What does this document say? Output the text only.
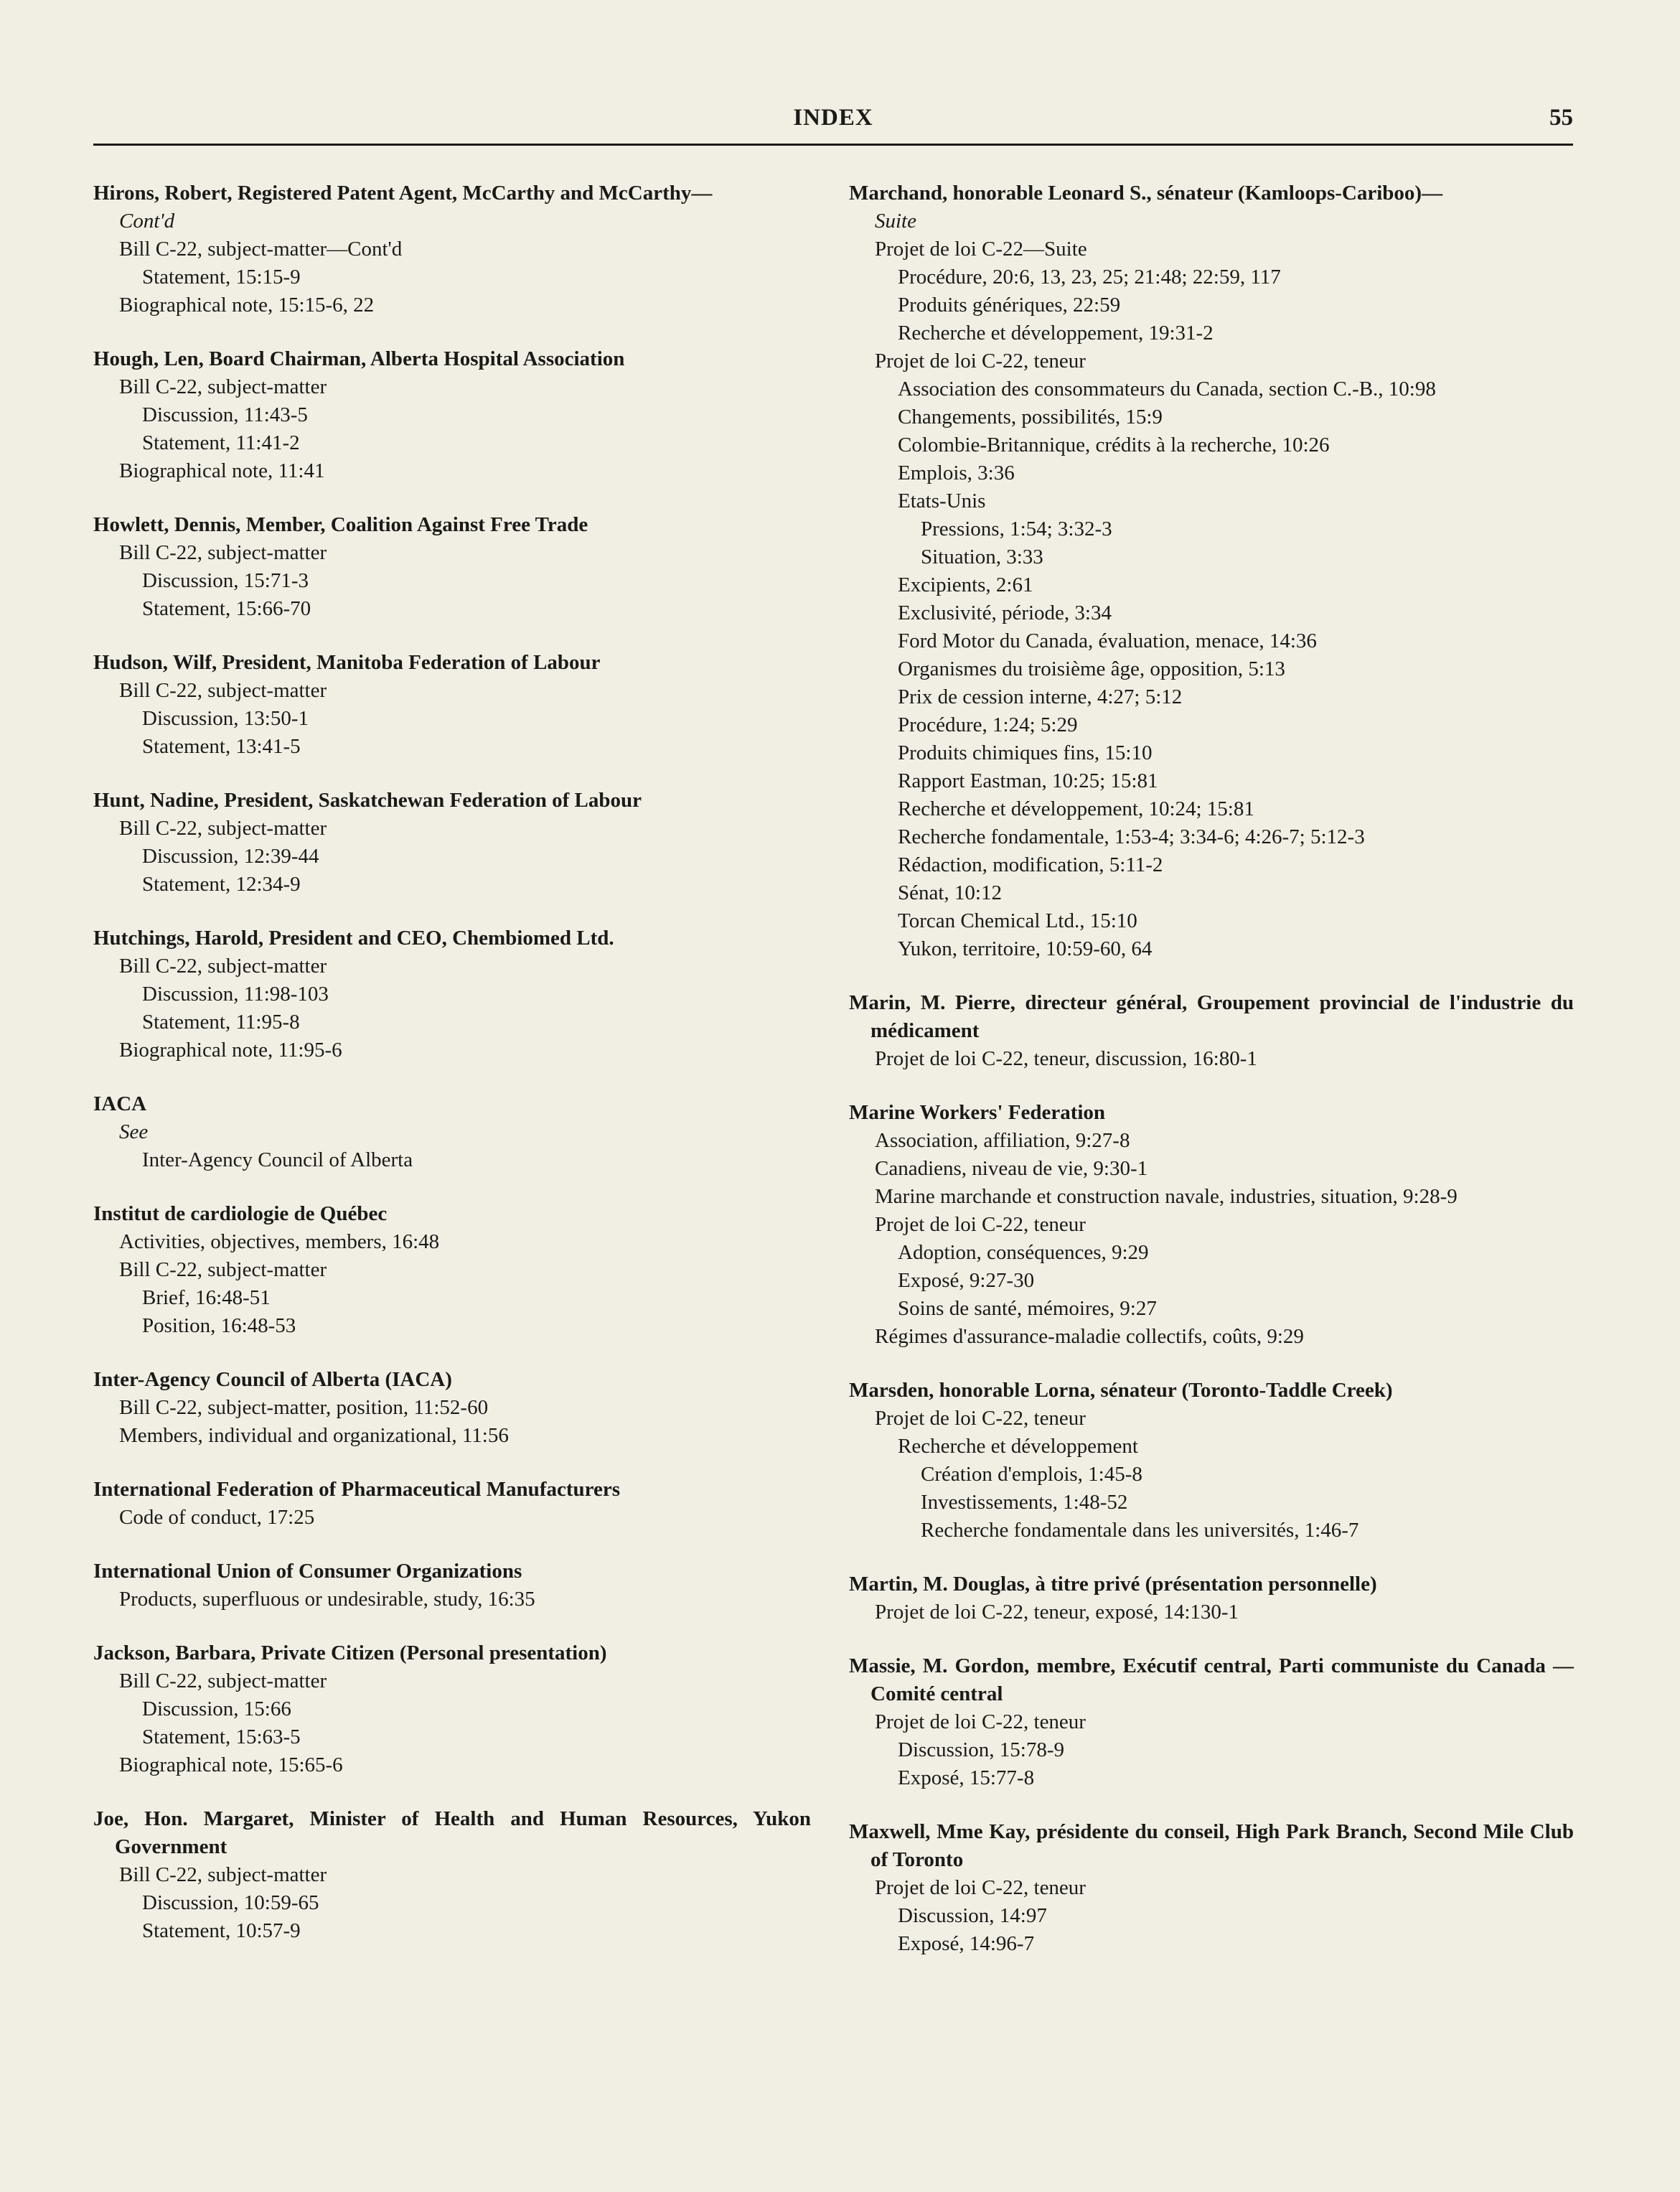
INDEX	55
Hirons, Robert, Registered Patent Agent, McCarthy and McCarthy—
Cont'd
Bill C-22, subject-matter—Cont'd
Statement, 15:15-9
Biographical note, 15:15-6, 22
Hough, Len, Board Chairman, Alberta Hospital Association
Bill C-22, subject-matter
Discussion, 11:43-5
Statement, 11:41-2
Biographical note, 11:41
Howlett, Dennis, Member, Coalition Against Free Trade
Bill C-22, subject-matter
Discussion, 15:71-3
Statement, 15:66-70
Hudson, Wilf, President, Manitoba Federation of Labour
Bill C-22, subject-matter
Discussion, 13:50-1
Statement, 13:41-5
Hunt, Nadine, President, Saskatchewan Federation of Labour
Bill C-22, subject-matter
Discussion, 12:39-44
Statement, 12:34-9
Hutchings, Harold, President and CEO, Chembiomed Ltd.
Bill C-22, subject-matter
Discussion, 11:98-103
Statement, 11:95-8
Biographical note, 11:95-6
IACA
See
Inter-Agency Council of Alberta
Institut de cardiologie de Québec
Activities, objectives, members, 16:48
Bill C-22, subject-matter
Brief, 16:48-51
Position, 16:48-53
Inter-Agency Council of Alberta (IACA)
Bill C-22, subject-matter, position, 11:52-60
Members, individual and organizational, 11:56
International Federation of Pharmaceutical Manufacturers
Code of conduct, 17:25
International Union of Consumer Organizations
Products, superfluous or undesirable, study, 16:35
Jackson, Barbara, Private Citizen (Personal presentation)
Bill C-22, subject-matter
Discussion, 15:66
Statement, 15:63-5
Biographical note, 15:65-6
Joe, Hon. Margaret, Minister of Health and Human Resources, Yukon Government
Bill C-22, subject-matter
Discussion, 10:59-65
Statement, 10:57-9
Marchand, honorable Leonard S., sénateur (Kamloops-Cariboo)—
Suite
Projet de loi C-22—Suite
Procédure, 20:6, 13, 23, 25; 21:48; 22:59, 117
Produits génériques, 22:59
Recherche et développement, 19:31-2
Projet de loi C-22, teneur
Association des consommateurs du Canada, section C.-B., 10:98
Changements, possibilités, 15:9
Colombie-Britannique, crédits à la recherche, 10:26
Emplois, 3:36
Etats-Unis
Pressions, 1:54; 3:32-3
Situation, 3:33
Excipients, 2:61
Exclusivité, période, 3:34
Ford Motor du Canada, évaluation, menace, 14:36
Organismes du troisième âge, opposition, 5:13
Prix de cession interne, 4:27; 5:12
Procédure, 1:24; 5:29
Produits chimiques fins, 15:10
Rapport Eastman, 10:25; 15:81
Recherche et développement, 10:24; 15:81
Recherche fondamentale, 1:53-4; 3:34-6; 4:26-7; 5:12-3
Rédaction, modification, 5:11-2
Sénat, 10:12
Torcan Chemical Ltd., 15:10
Yukon, territoire, 10:59-60, 64
Marin, M. Pierre, directeur général, Groupement provincial de l'industrie du médicament
Projet de loi C-22, teneur, discussion, 16:80-1
Marine Workers' Federation
Association, affiliation, 9:27-8
Canadiens, niveau de vie, 9:30-1
Marine marchande et construction navale, industries, situation, 9:28-9
Projet de loi C-22, teneur
Adoption, conséquences, 9:29
Exposé, 9:27-30
Soins de santé, mémoires, 9:27
Régimes d'assurance-maladie collectifs, coûts, 9:29
Marsden, honorable Lorna, sénateur (Toronto-Taddle Creek)
Projet de loi C-22, teneur
Recherche et développement
Création d'emplois, 1:45-8
Investissements, 1:48-52
Recherche fondamentale dans les universités, 1:46-7
Martin, M. Douglas, à titre privé (présentation personnelle)
Projet de loi C-22, teneur, exposé, 14:130-1
Massie, M. Gordon, membre, Exécutif central, Parti communiste du Canada — Comité central
Projet de loi C-22, teneur
Discussion, 15:78-9
Exposé, 15:77-8
Maxwell, Mme Kay, présidente du conseil, High Park Branch, Second Mile Club of Toronto
Projet de loi C-22, teneur
Discussion, 14:97
Exposé, 14:96-7
